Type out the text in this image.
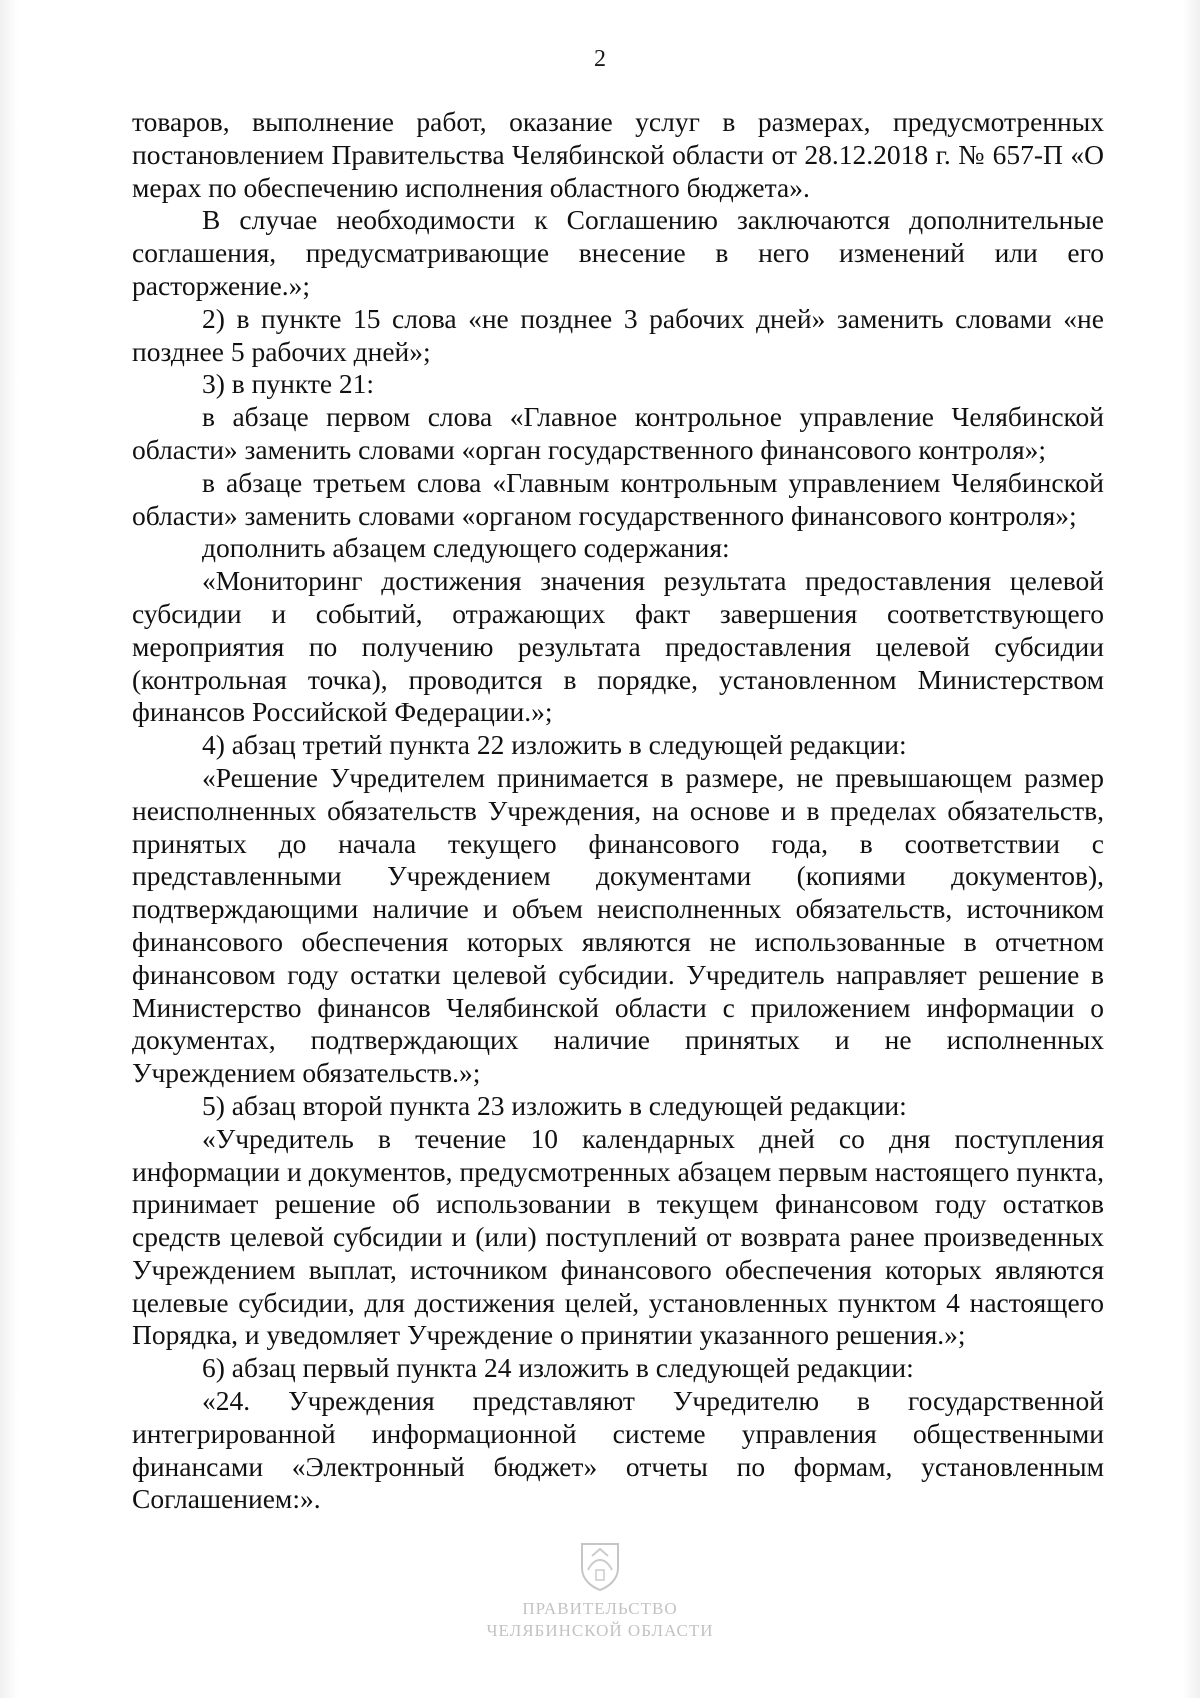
2

товаров, выполнение работ, оказание услуг в размерах, предусмотренных постановлением Правительства Челябинской области от 28.12.2018 г. № 657-П «О мерах по обеспечению исполнения областного бюджета».

В случае необходимости к Соглашению заключаются дополнительные соглашения, предусматривающие внесение в него изменений или его расторжение.»;

2) в пункте 15 слова «не позднее 3 рабочих дней» заменить словами «не позднее 5 рабочих дней»;

3) в пункте 21:

в абзаце первом слова «Главное контрольное управление Челябинской области» заменить словами «орган государственного финансового контроля»;

в абзаце третьем слова «Главным контрольным управлением Челябинской области» заменить словами «органом государственного финансового контроля»;

дополнить абзацем следующего содержания:

«Мониторинг достижения значения результата предоставления целевой субсидии и событий, отражающих факт завершения соответствующего мероприятия по получению результата предоставления целевой субсидии (контрольная точка), проводится в порядке, установленном Министерством финансов Российской Федерации.»;

4) абзац третий пункта 22 изложить в следующей редакции:

«Решение Учредителем принимается в размере, не превышающем размер неисполненных обязательств Учреждения, на основе и в пределах обязательств, принятых до начала текущего финансового года, в соответствии с представленными Учреждением документами (копиями документов), подтверждающими наличие и объем неисполненных обязательств, источником финансового обеспечения которых являются не использованные в отчетном финансовом году остатки целевой субсидии. Учредитель направляет решение в Министерство финансов Челябинской области с приложением информации о документах, подтверждающих наличие принятых и не исполненных Учреждением обязательств.»;

5) абзац второй пункта 23 изложить в следующей редакции:

«Учредитель в течение 10 календарных дней со дня поступления информации и документов, предусмотренных абзацем первым настоящего пункта, принимает решение об использовании в текущем финансовом году остатков средств целевой субсидии и (или) поступлений от возврата ранее произведенных Учреждением выплат, источником финансового обеспечения которых являются целевые субсидии, для достижения целей, установленных пунктом 4 настоящего Порядка, и уведомляет Учреждение о принятии указанного решения.»;

6) абзац первый пункта 24 изложить в следующей редакции:

«24. Учреждения представляют Учредителю в государственной интегрированной информационной системе управления общественными финансами «Электронный бюджет» отчеты по формам, установленным Соглашением:».

ПРАВИТЕЛЬСТВО
ЧЕЛЯБИНСКОЙ ОБЛАСТИ
